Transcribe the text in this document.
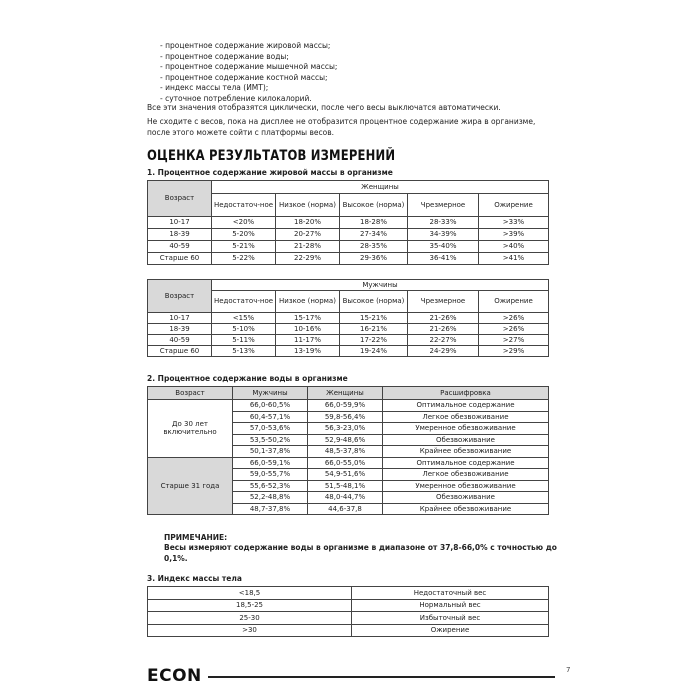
- процентное содержание жировой массы;
- процентное содержание воды;
- процентное содержание мышечной массы;
- процентное содержание костной массы;
- индекс массы тела (ИМТ);
- суточное потребление килокалорий.
Все эти значения отобразятся циклически, после чего весы выключатся автоматически.
Не сходите с весов, пока на дисплее не отобразится процентное содержание жира в организме, после этого можете сойти с платформы весов.
ОЦЕНКА РЕЗУЛЬТАТОВ ИЗМЕРЕНИЙ
1. Процентное содержание жировой массы в организме
Возраст	Женщины				
	Недостаточ-ное	Низкое (норма)	Высокое (норма)	Чрезмерное	Ожирение
10-17	<20%	18-20%	18-28%	28-33%	>33%
18-39	5-20%	20-27%	27-34%	34-39%	>39%
40-59	5-21%	21-28%	28-35%	35-40%	>40%
Старше 60	5-22%	22-29%	29-36%	36-41%	>41%
Возраст	Мужчины				
	Недостаточ-ное	Низкое (норма)	Высокое (норма)	Чрезмерное	Ожирение
10-17	<15%	15-17%	15-21%	21-26%	>26%
18-39	5-10%	10-16%	16-21%	21-26%	>26%
40-59	5-11%	11-17%	17-22%	22-27%	>27%
Старше 60	5-13%	13-19%	19-24%	24-29%	>29%
2. Процентное содержание воды в организме
Возраст	Мужчины	Женщины	Расшифровка
До 30 лет включительно	66,0-60,5%	66,0-59,9%	Оптимальное содержание
	60,4-57,1%	59,8-56,4%	Легкое обезвоживание
	57,0-53,6%	56,3-23,0%	Умеренное обезвоживание
	53,5-50,2%	52,9-48,6%	Обезвоживание
	50,1-37,8%	48,5-37,8%	Крайнее обезвоживание
Старше 31 года	66,0-59,1%	66,0-55,0%	Оптимальное содержание
	59,0-55,7%	54,9-51,6%	Легкое обезвоживание
	55,6-52,3%	51,5-48,1%	Умеренное обезвоживание
	52,2-48,8%	48,0-44,7%	Обезвоживание
	48,7-37,8%	44,6-37,8	Крайнее обезвоживание
ПРИМЕЧАНИЕ:
Весы измеряют содержание воды в организме в диапазоне от 37,8-66,0% с точностью до 0,1%.
3. Индекс массы тела
<18,5	Недостаточный вес
18,5-25	Нормальный вес
25-30	Избыточный вес
>30	Ожирение
ECON	7
